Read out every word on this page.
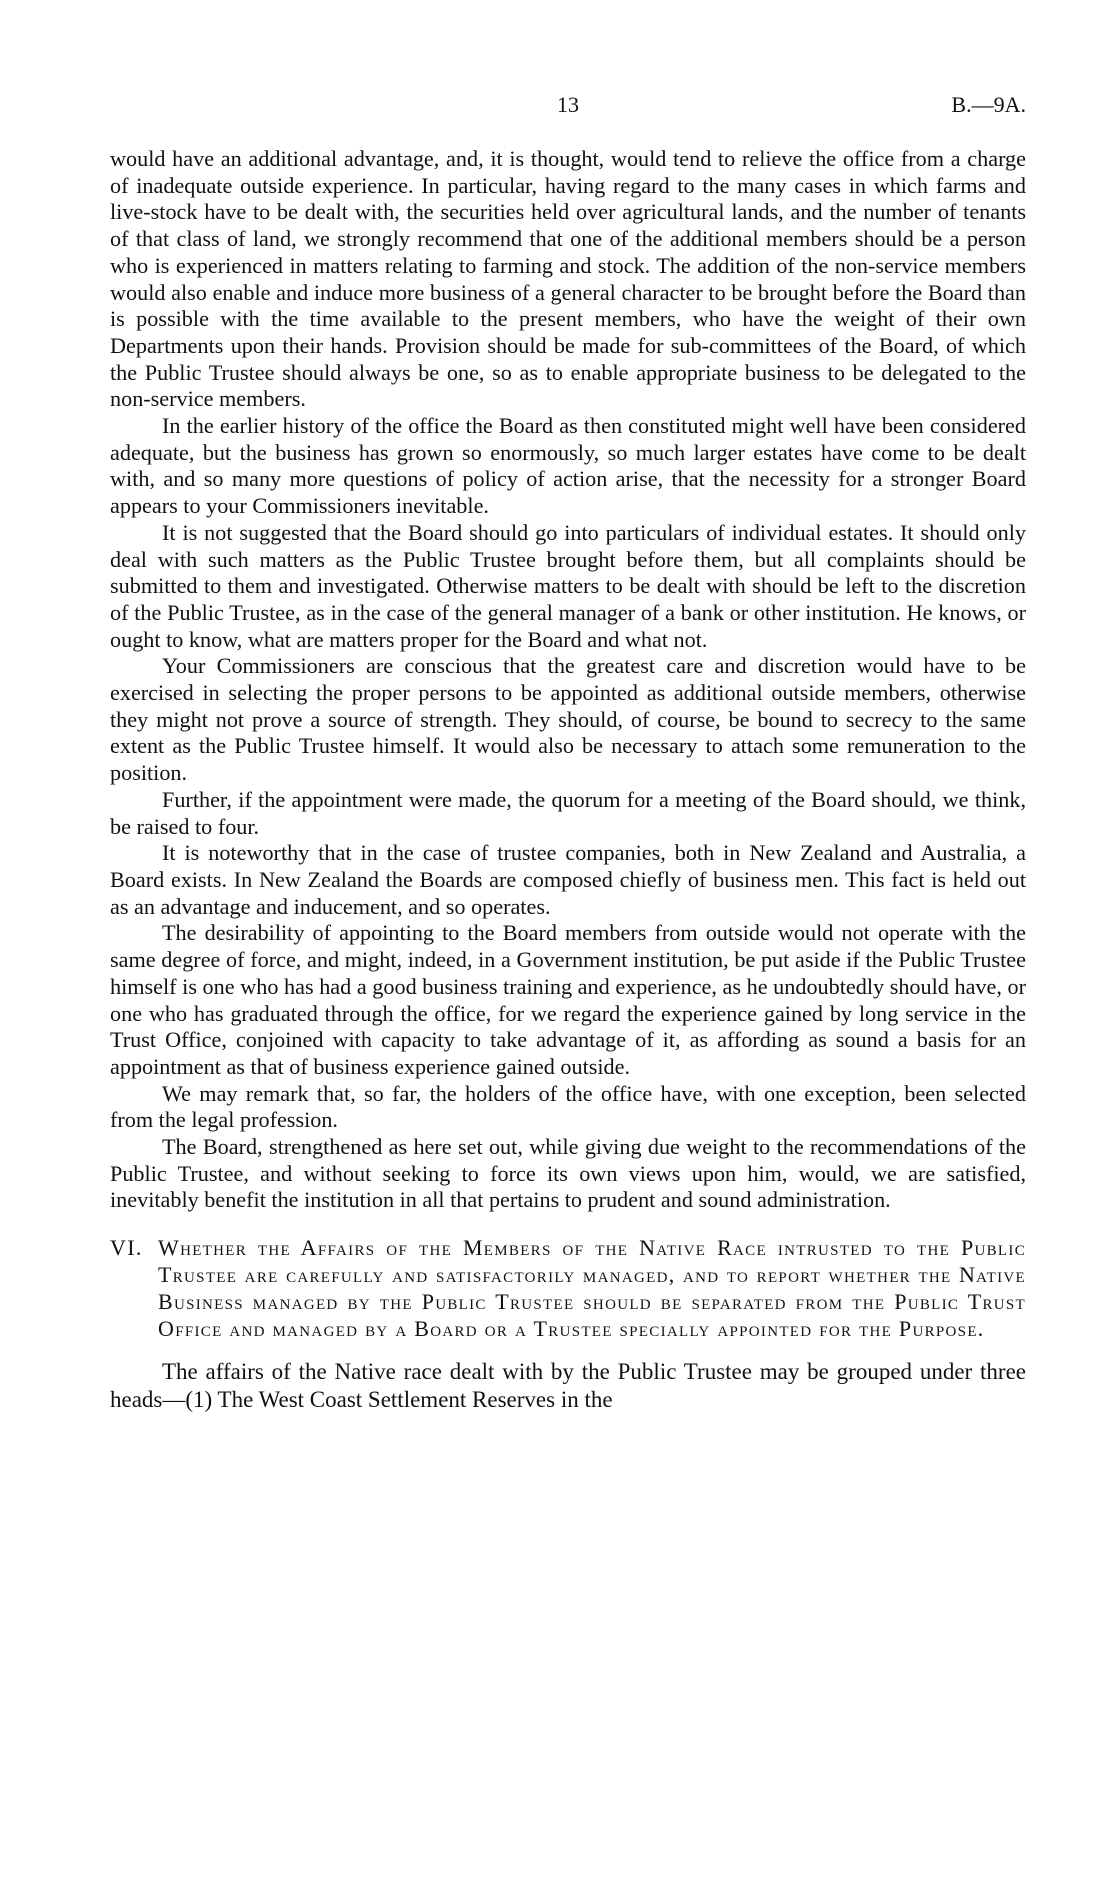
13	B.—9A.

would have an additional advantage, and, it is thought, would tend to relieve the office from a charge of inadequate outside experience. In particular, having regard to the many cases in which farms and live-stock have to be dealt with, the securities held over agricultural lands, and the number of tenants of that class of land, we strongly recommend that one of the additional members should be a person who is experienced in matters relating to farming and stock. The addition of the non-service members would also enable and induce more business of a general character to be brought before the Board than is possible with the time available to the present members, who have the weight of their own Departments upon their hands. Provision should be made for sub-committees of the Board, of which the Public Trustee should always be one, so as to enable appropriate business to be delegated to the non-service members.

In the earlier history of the office the Board as then constituted might well have been considered adequate, but the business has grown so enormously, so much larger estates have come to be dealt with, and so many more questions of policy of action arise, that the necessity for a stronger Board appears to your Commissioners inevitable.

It is not suggested that the Board should go into particulars of individual estates. It should only deal with such matters as the Public Trustee brought before them, but all complaints should be submitted to them and investigated. Otherwise matters to be dealt with should be left to the discretion of the Public Trustee, as in the case of the general manager of a bank or other institution. He knows, or ought to know, what are matters proper for the Board and what not.

Your Commissioners are conscious that the greatest care and discretion would have to be exercised in selecting the proper persons to be appointed as additional outside members, otherwise they might not prove a source of strength. They should, of course, be bound to secrecy to the same extent as the Public Trustee himself. It would also be necessary to attach some remuneration to the position.

Further, if the appointment were made, the quorum for a meeting of the Board should, we think, be raised to four.

It is noteworthy that in the case of trustee companies, both in New Zealand and Australia, a Board exists. In New Zealand the Boards are composed chiefly of business men. This fact is held out as an advantage and inducement, and so operates.

The desirability of appointing to the Board members from outside would not operate with the same degree of force, and might, indeed, in a Government institution, be put aside if the Public Trustee himself is one who has had a good business training and experience, as he undoubtedly should have, or one who has graduated through the office, for we regard the experience gained by long service in the Trust Office, conjoined with capacity to take advantage of it, as affording as sound a basis for an appointment as that of business experience gained outside.

We may remark that, so far, the holders of the office have, with one exception, been selected from the legal profession.

The Board, strengthened as here set out, while giving due weight to the recommendations of the Public Trustee, and without seeking to force its own views upon him, would, we are satisfied, inevitably benefit the institution in all that pertains to prudent and sound administration.

VI. Whether the Affairs of the Members of the Native Race intrusted to the Public Trustee are carefully and satisfactorily managed, and to report whether the Native Business managed by the Public Trustee should be separated from the Public Trust Office and managed by a Board or a Trustee specially appointed for the Purpose.

The affairs of the Native race dealt with by the Public Trustee may be grouped under three heads—(1) The West Coast Settlement Reserves in the
